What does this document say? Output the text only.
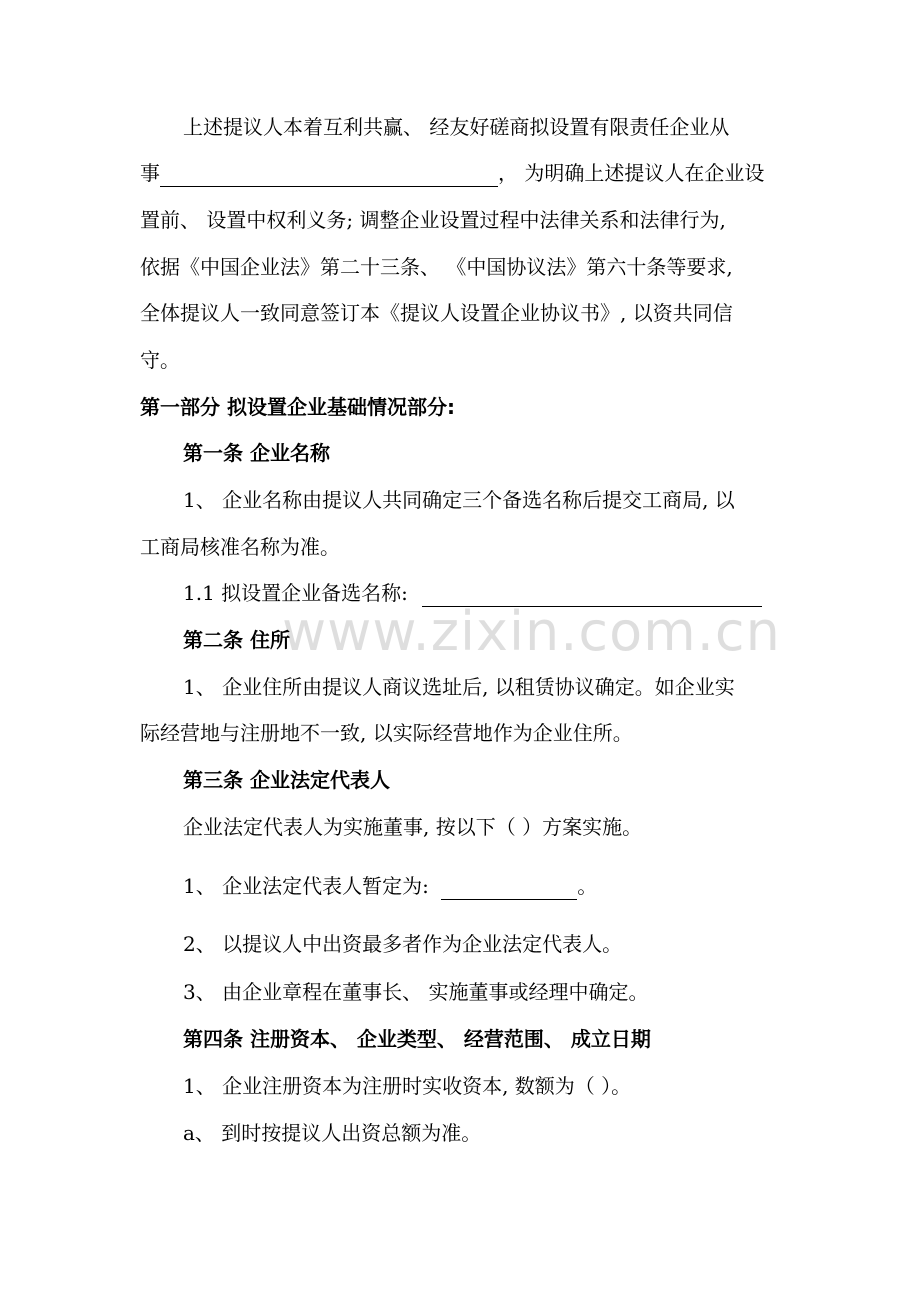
上述提议人本着互利共赢、 经友好磋商拟设置有限责任企业从
事	， 为明确上述提议人在企业设
置前、 设置中权利义务; 调整企业设置过程中法律关系和法律行为,
依据《中国企业法》第二十三条、 《中国协议法》第六十条等要求,
全体提议人一致同意签订本《提议人设置企业协议书》, 以资共同信
守。
第一部分 拟设置企业基础情况部分:
第一条 企业名称
1、 企业名称由提议人共同确定三个备选名称后提交工商局, 以
工商局核准名称为准。
1.1 拟设置企业备选名称:
第二条 住所
1、 企业住所由提议人商议选址后, 以租赁协议确定。如企业实
际经营地与注册地不一致, 以实际经营地作为企业住所。
第三条 企业法定代表人
企业法定代表人为实施董事, 按以下（ ）方案实施。
1、 企业法定代表人暂定为:	。
2、 以提议人中出资最多者作为企业法定代表人。
3、 由企业章程在董事长、 实施董事或经理中确定。
第四条 注册资本、 企业类型、 经营范围、 成立日期
1、 企业注册资本为注册时实收资本, 数额为（ ）。
a、 到时按提议人出资总额为准。
www.zixin.com.cn
